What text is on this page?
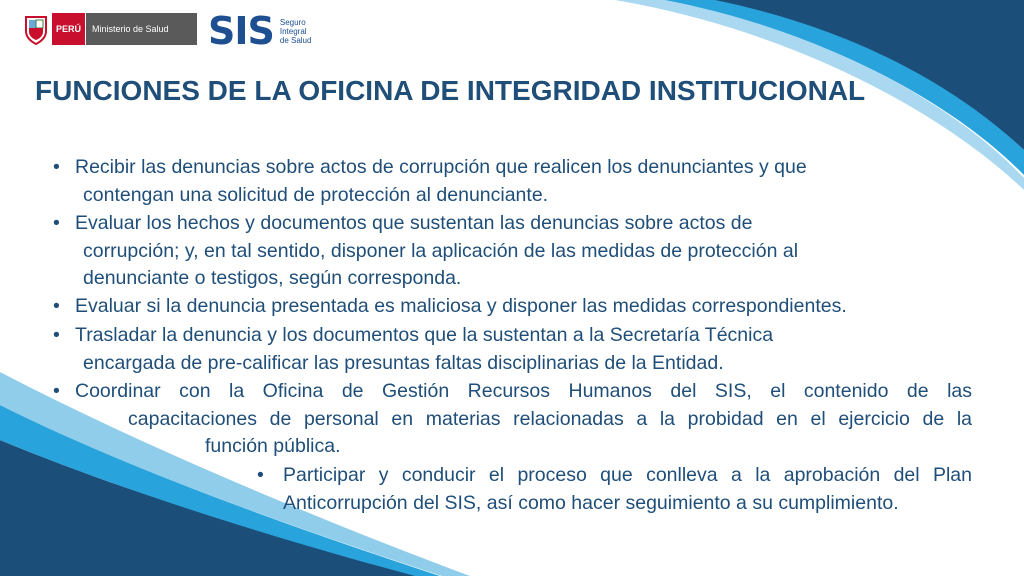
PERÚ	Ministerio de Salud	SIS Seguro
Integral
de Salud
FUNCIONES DE LA OFICINA DE INTEGRIDAD INSTITUCIONAL
• Recibir las denuncias sobre actos de corrupción que realicen los denunciantes y que
contengan una solicitud de protección al denunciante.
• Evaluar los hechos y documentos que sustentan las denuncias sobre actos de
corrupción; y, en tal sentido, disponer la aplicación de las medidas de protección al
denunciante o testigos, según corresponda.
• Evaluar si la denuncia presentada es maliciosa y disponer las medidas correspondientes.
• Trasladar la denuncia y los documentos que la sustentan a la Secretaría Técnica
encargada de pre-calificar las presuntas faltas disciplinarias de la Entidad.
• Coordinar con la Oficina de Gestión Recursos Humanos del SIS, el contenido de las
capacitaciones de personal en materias relacionadas a la probidad en el ejercicio de la
función pública.
• Participar y conducir el proceso que conlleva a la aprobación del Plan
Anticorrupción del SIS, así como hacer seguimiento a su cumplimiento.
